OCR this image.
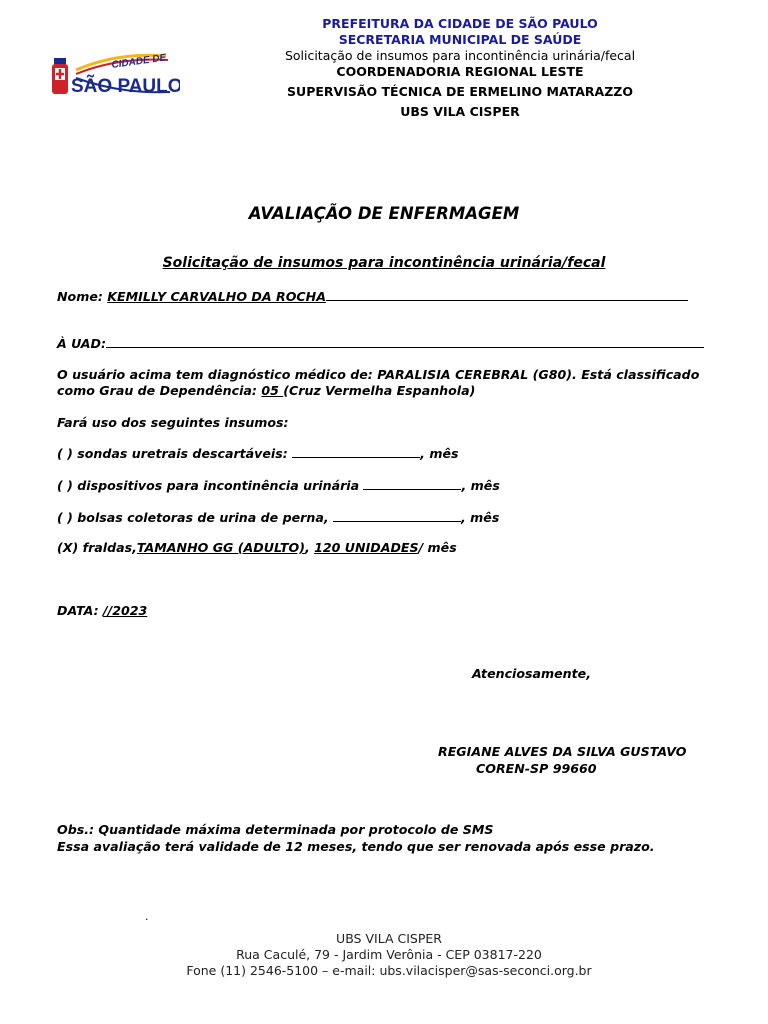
PREFEITURA DA CIDADE DE SÃO PAULO
SECRETARIA MUNICIPAL DE SAÚDE
Solicitação de insumos para incontinência urinária/fecal
COORDENADORIA REGIONAL LESTE
SUPERVISÃO TÉCNICA DE ERMELINO MATARAZZO
UBS VILA CISPER
CIDADE DE
SÃO PAULO
AVALIAÇÃO DE ENFERMAGEM
Solicitação de insumos para incontinência urinária/fecal
Nome: KEMILLY CARVALHO DA ROCHA
À UAD:
O usuário acima tem diagnóstico médico de: PARALISIA CEREBRAL (G80). Está classificado
como Grau de Dependência: 05 (Cruz Vermelha Espanhola)
Fará uso dos seguintes insumos:
( ) sondas uretrais descartáveis:	, mês
( ) dispositivos para incontinência urinária	, mês
( ) bolsas coletoras de urina de perna,	, mês
(X) fraldas,TAMANHO GG (ADULTO), 120 UNIDADES/ mês
DATA: //2023
Atenciosamente,
REGIANE ALVES DA SILVA GUSTAVO
COREN-SP 99660
Obs.: Quantidade máxima determinada por protocolo de SMS
Essa avaliação terá validade de 12 meses, tendo que ser renovada após esse prazo.
.
UBS VILA CISPER
Rua Caculé, 79 - Jardim Verônia - CEP 03817-220
Fone (11) 2546-5100 – e-mail: ubs.vilacisper@sas-seconci.org.br
